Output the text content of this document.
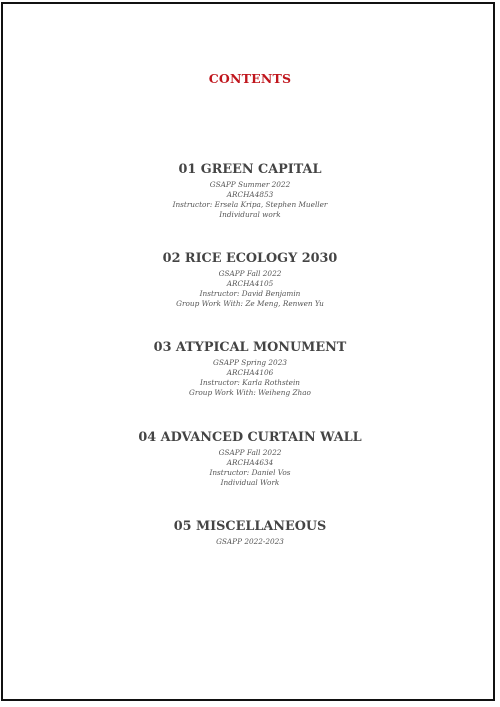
CONTENTS
01 GREEN CAPITAL
GSAPP Summer 2022
ARCHA4853
Instructor: Ersela Kripa, Stephen Mueller
Individural work
02 RICE ECOLOGY 2030
GSAPP Fall 2022
ARCHA4105
Instructor: David Benjamin
Group Work With: Ze Meng, Renwen Yu
03 ATYPICAL MONUMENT
GSAPP Spring 2023
ARCHA4106
Instructor: Karla Rothstein
Group Work With: Weiheng Zhao
04 ADVANCED CURTAIN WALL
GSAPP Fall 2022
ARCHA4634
Instructor: Daniel Vos
Individual Work
05 MISCELLANEOUS
GSAPP 2022-2023
